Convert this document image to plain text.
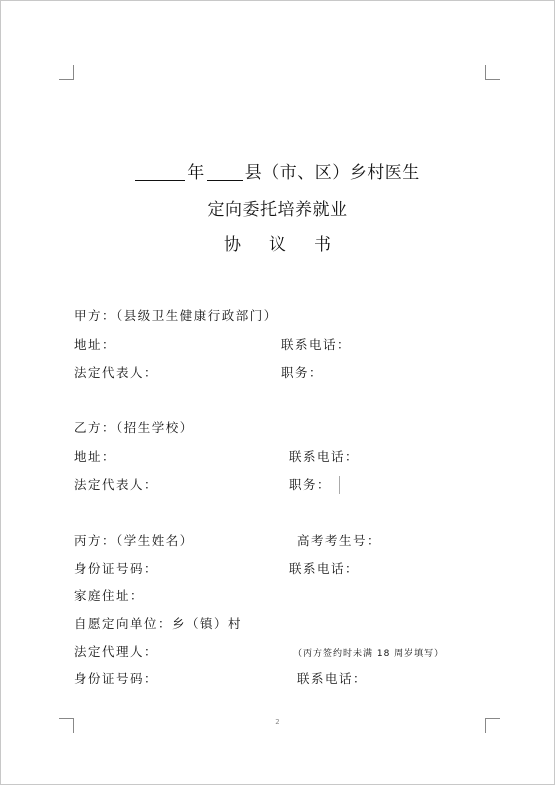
年 县（市、区）乡村医生
定向委托培养就业
协 议 书
甲方：（县级卫生健康行政部门）
地址：	联系电话：
法定代表人：	职务：
乙方：（招生学校）
地址：	联系电话：
法定代表人：	职务：
丙方：（学生姓名）	高考考生号：
身份证号码：	联系电话：
家庭住址：
自愿定向单位：乡（镇）村
法定代理人：	（丙方签约时未满 18 周岁填写）
身份证号码：	联系电话：
2
